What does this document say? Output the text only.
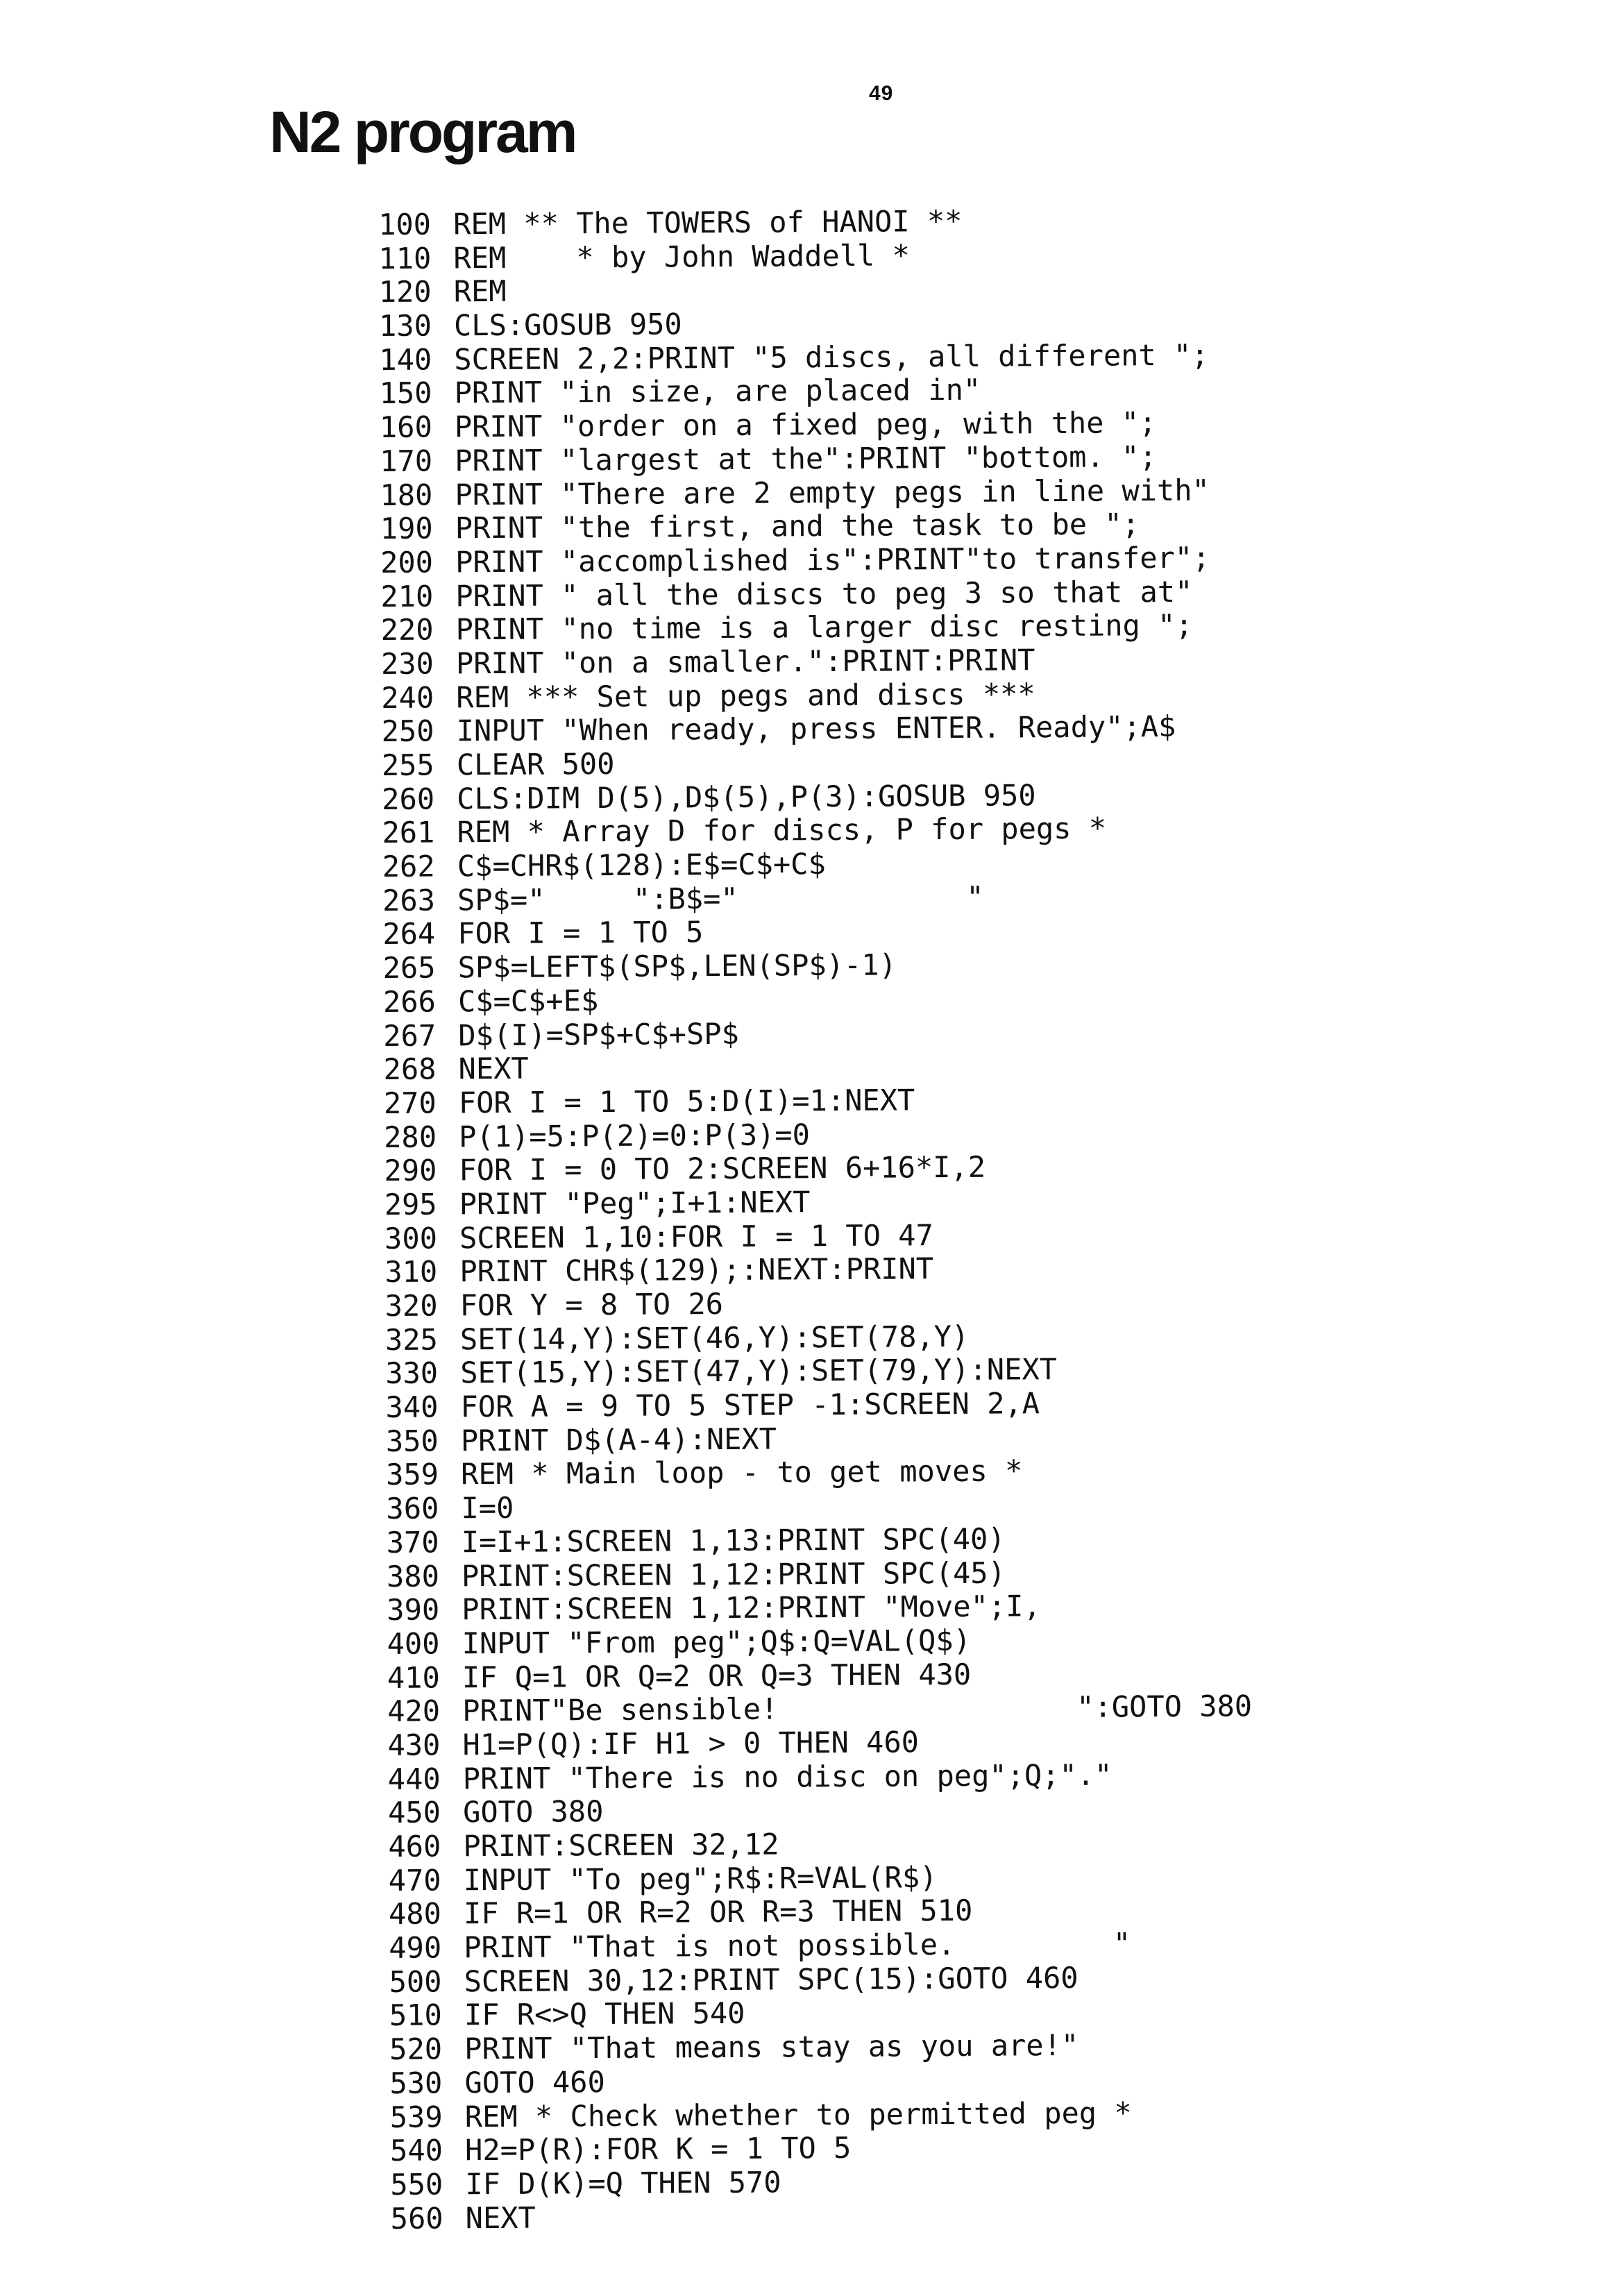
49
N2 program
100 REM ** The TOWERS of HANOI **
110 REM    * by John Waddell *
120 REM
130 CLS:GOSUB 950
140 SCREEN 2,2:PRINT "5 discs, all different ";
150 PRINT "in size, are placed in"
160 PRINT "order on a fixed peg, with the ";
170 PRINT "largest at the":PRINT "bottom. ";
180 PRINT "There are 2 empty pegs in line with"
190 PRINT "the first, and the task to be ";
200 PRINT "accomplished is":PRINT"to transfer";
210 PRINT " all the discs to peg 3 so that at"
220 PRINT "no time is a larger disc resting ";
230 PRINT "on a smaller.":PRINT:PRINT
240 REM *** Set up pegs and discs ***
250 INPUT "When ready, press ENTER. Ready";A$
255 CLEAR 500
260 CLS:DIM D(5),D$(5),P(3):GOSUB 950
261 REM * Array D for discs, P for pegs *
262 C$=CHR$(128):E$=C$+C$
263 SP$="     ":B$="             "
264 FOR I = 1 TO 5
265 SP$=LEFT$(SP$,LEN(SP$)-1)
266 C$=C$+E$
267 D$(I)=SP$+C$+SP$
268 NEXT
270 FOR I = 1 TO 5:D(I)=1:NEXT
280 P(1)=5:P(2)=0:P(3)=0
290 FOR I = 0 TO 2:SCREEN 6+16*I,2
295 PRINT "Peg";I+1:NEXT
300 SCREEN 1,10:FOR I = 1 TO 47
310 PRINT CHR$(129);:NEXT:PRINT
320 FOR Y = 8 TO 26
325 SET(14,Y):SET(46,Y):SET(78,Y)
330 SET(15,Y):SET(47,Y):SET(79,Y):NEXT
340 FOR A = 9 TO 5 STEP -1:SCREEN 2,A
350 PRINT D$(A-4):NEXT
359 REM * Main loop - to get moves *
360 I=0
370 I=I+1:SCREEN 1,13:PRINT SPC(40)
380 PRINT:SCREEN 1,12:PRINT SPC(45)
390 PRINT:SCREEN 1,12:PRINT "Move";I,
400 INPUT "From peg";Q$:Q=VAL(Q$)
410 IF Q=1 OR Q=2 OR Q=3 THEN 430
420 PRINT"Be sensible!                 ":GOTO 380
430 H1=P(Q):IF H1 > 0 THEN 460
440 PRINT "There is no disc on peg";Q;"."
450 GOTO 380
460 PRINT:SCREEN 32,12
470 INPUT "To peg";R$:R=VAL(R$)
480 IF R=1 OR R=2 OR R=3 THEN 510
490 PRINT "That is not possible.         "
500 SCREEN 30,12:PRINT SPC(15):GOTO 460
510 IF R<>Q THEN 540
520 PRINT "That means stay as you are!"
530 GOTO 460
539 REM * Check whether to permitted peg *
540 H2=P(R):FOR K = 1 TO 5
550 IF D(K)=Q THEN 570
560 NEXT
